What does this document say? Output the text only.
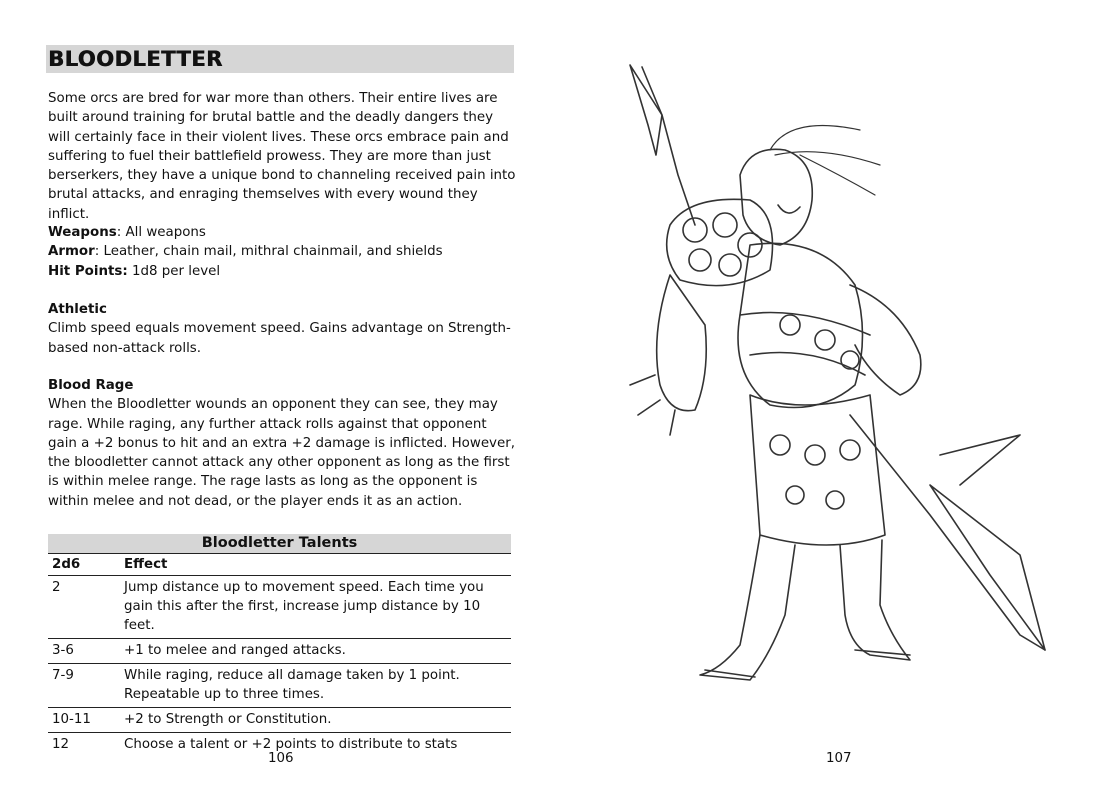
BLOODLETTER

Some orcs are bred for war more than others. Their entire lives are built around training for brutal battle and the deadly dangers they will certainly face in their violent lives. These orcs embrace pain and suffering to fuel their battlefield prowess. They are more than just berserkers, they have a unique bond to channeling received pain into brutal attacks, and enraging themselves with every wound they inflict.

Weapons: All weapons

Armor: Leather, chain mail, mithral chainmail, and shields

Hit Points: 1d8 per level

Athletic

Climb speed equals movement speed. Gains advantage on Strength-based non-attack rolls.

Blood Rage

When the Bloodletter wounds an opponent they can see, they may rage. While raging, any further attack rolls against that opponent gain a +2 bonus to hit and an extra +2 damage is inflicted. However, the bloodletter cannot attack any other opponent as long as the first is within melee range. The rage lasts as long as the opponent is within melee and not dead, or the player ends it as an action.

Bloodletter Talents
2d6	Effect
2	Jump distance up to movement speed. Each time you gain this after the first, increase jump distance by 10 feet.
3-6	+1 to melee and ranged attacks.
7-9	While raging, reduce all damage taken by 1 point. Repeatable up to three times.
10-11	+2 to Strength or Constitution.
12	Choose a talent or +2 points to distribute to stats
106	107
